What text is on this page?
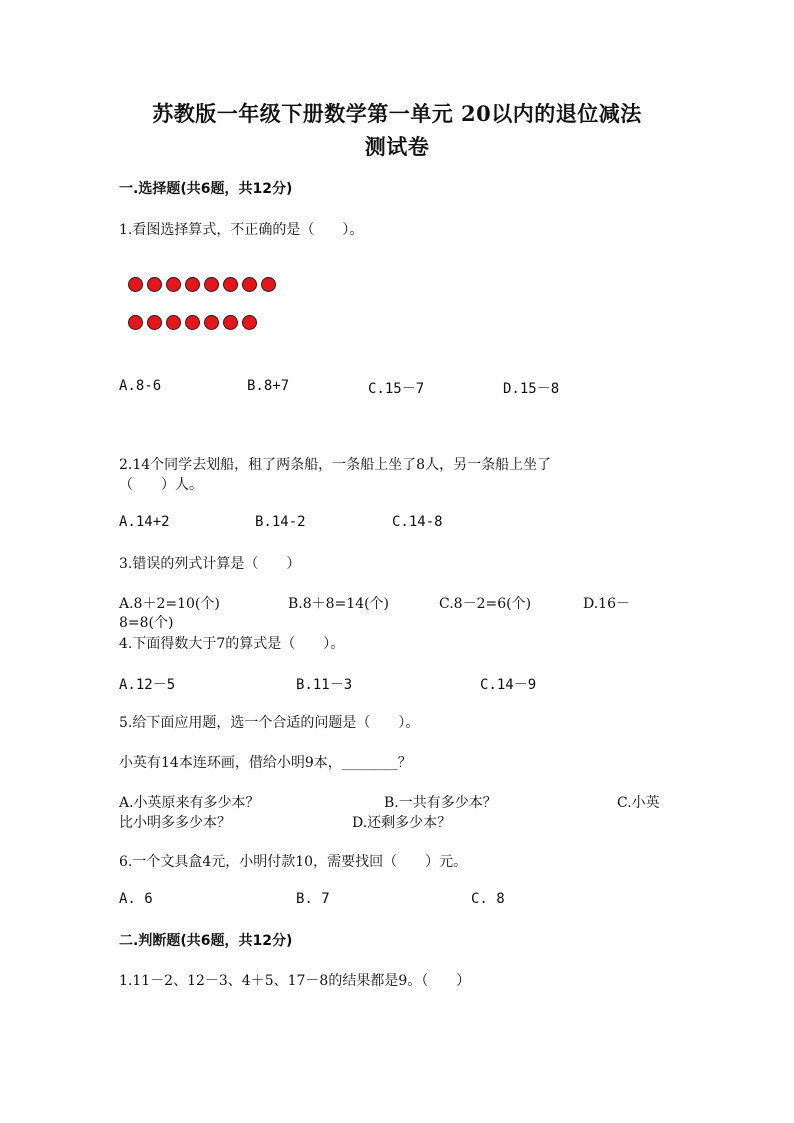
苏教版一年级下册数学第一单元 20以内的退位减法
测试卷
一.选择题(共6题，共12分)
1.看图选择算式，不正确的是（　　）。
A.8-6	B.8+7	C.15－7	D.15－8
2.14个同学去划船，租了两条船，一条船上坐了8人，另一条船上坐了
（　　）人。
A.14+2	B.14-2	C.14-8
3.错误的列式计算是（　　）
A.8＋2=10(个)	B.8＋8=14(个)	C.8－2=6(个)	D.16－
8=8(个)
4.下面得数大于7的算式是（　　）。
A.12－5	B.11－3	C.14－9
5.给下面应用题，选一个合适的问题是（　　）。
小英有14本连环画，借给小明9本，________？
A.小英原来有多少本？	B.一共有多少本？	C.小英
比小明多多少本？	D.还剩多少本？
6.一个文具盒4元，小明付款10，需要找回（　　）元。
A. 6	B. 7	C. 8
二.判断题(共6题，共12分)
1.11－2、12－3、4＋5、17－8的结果都是9。（　　）
